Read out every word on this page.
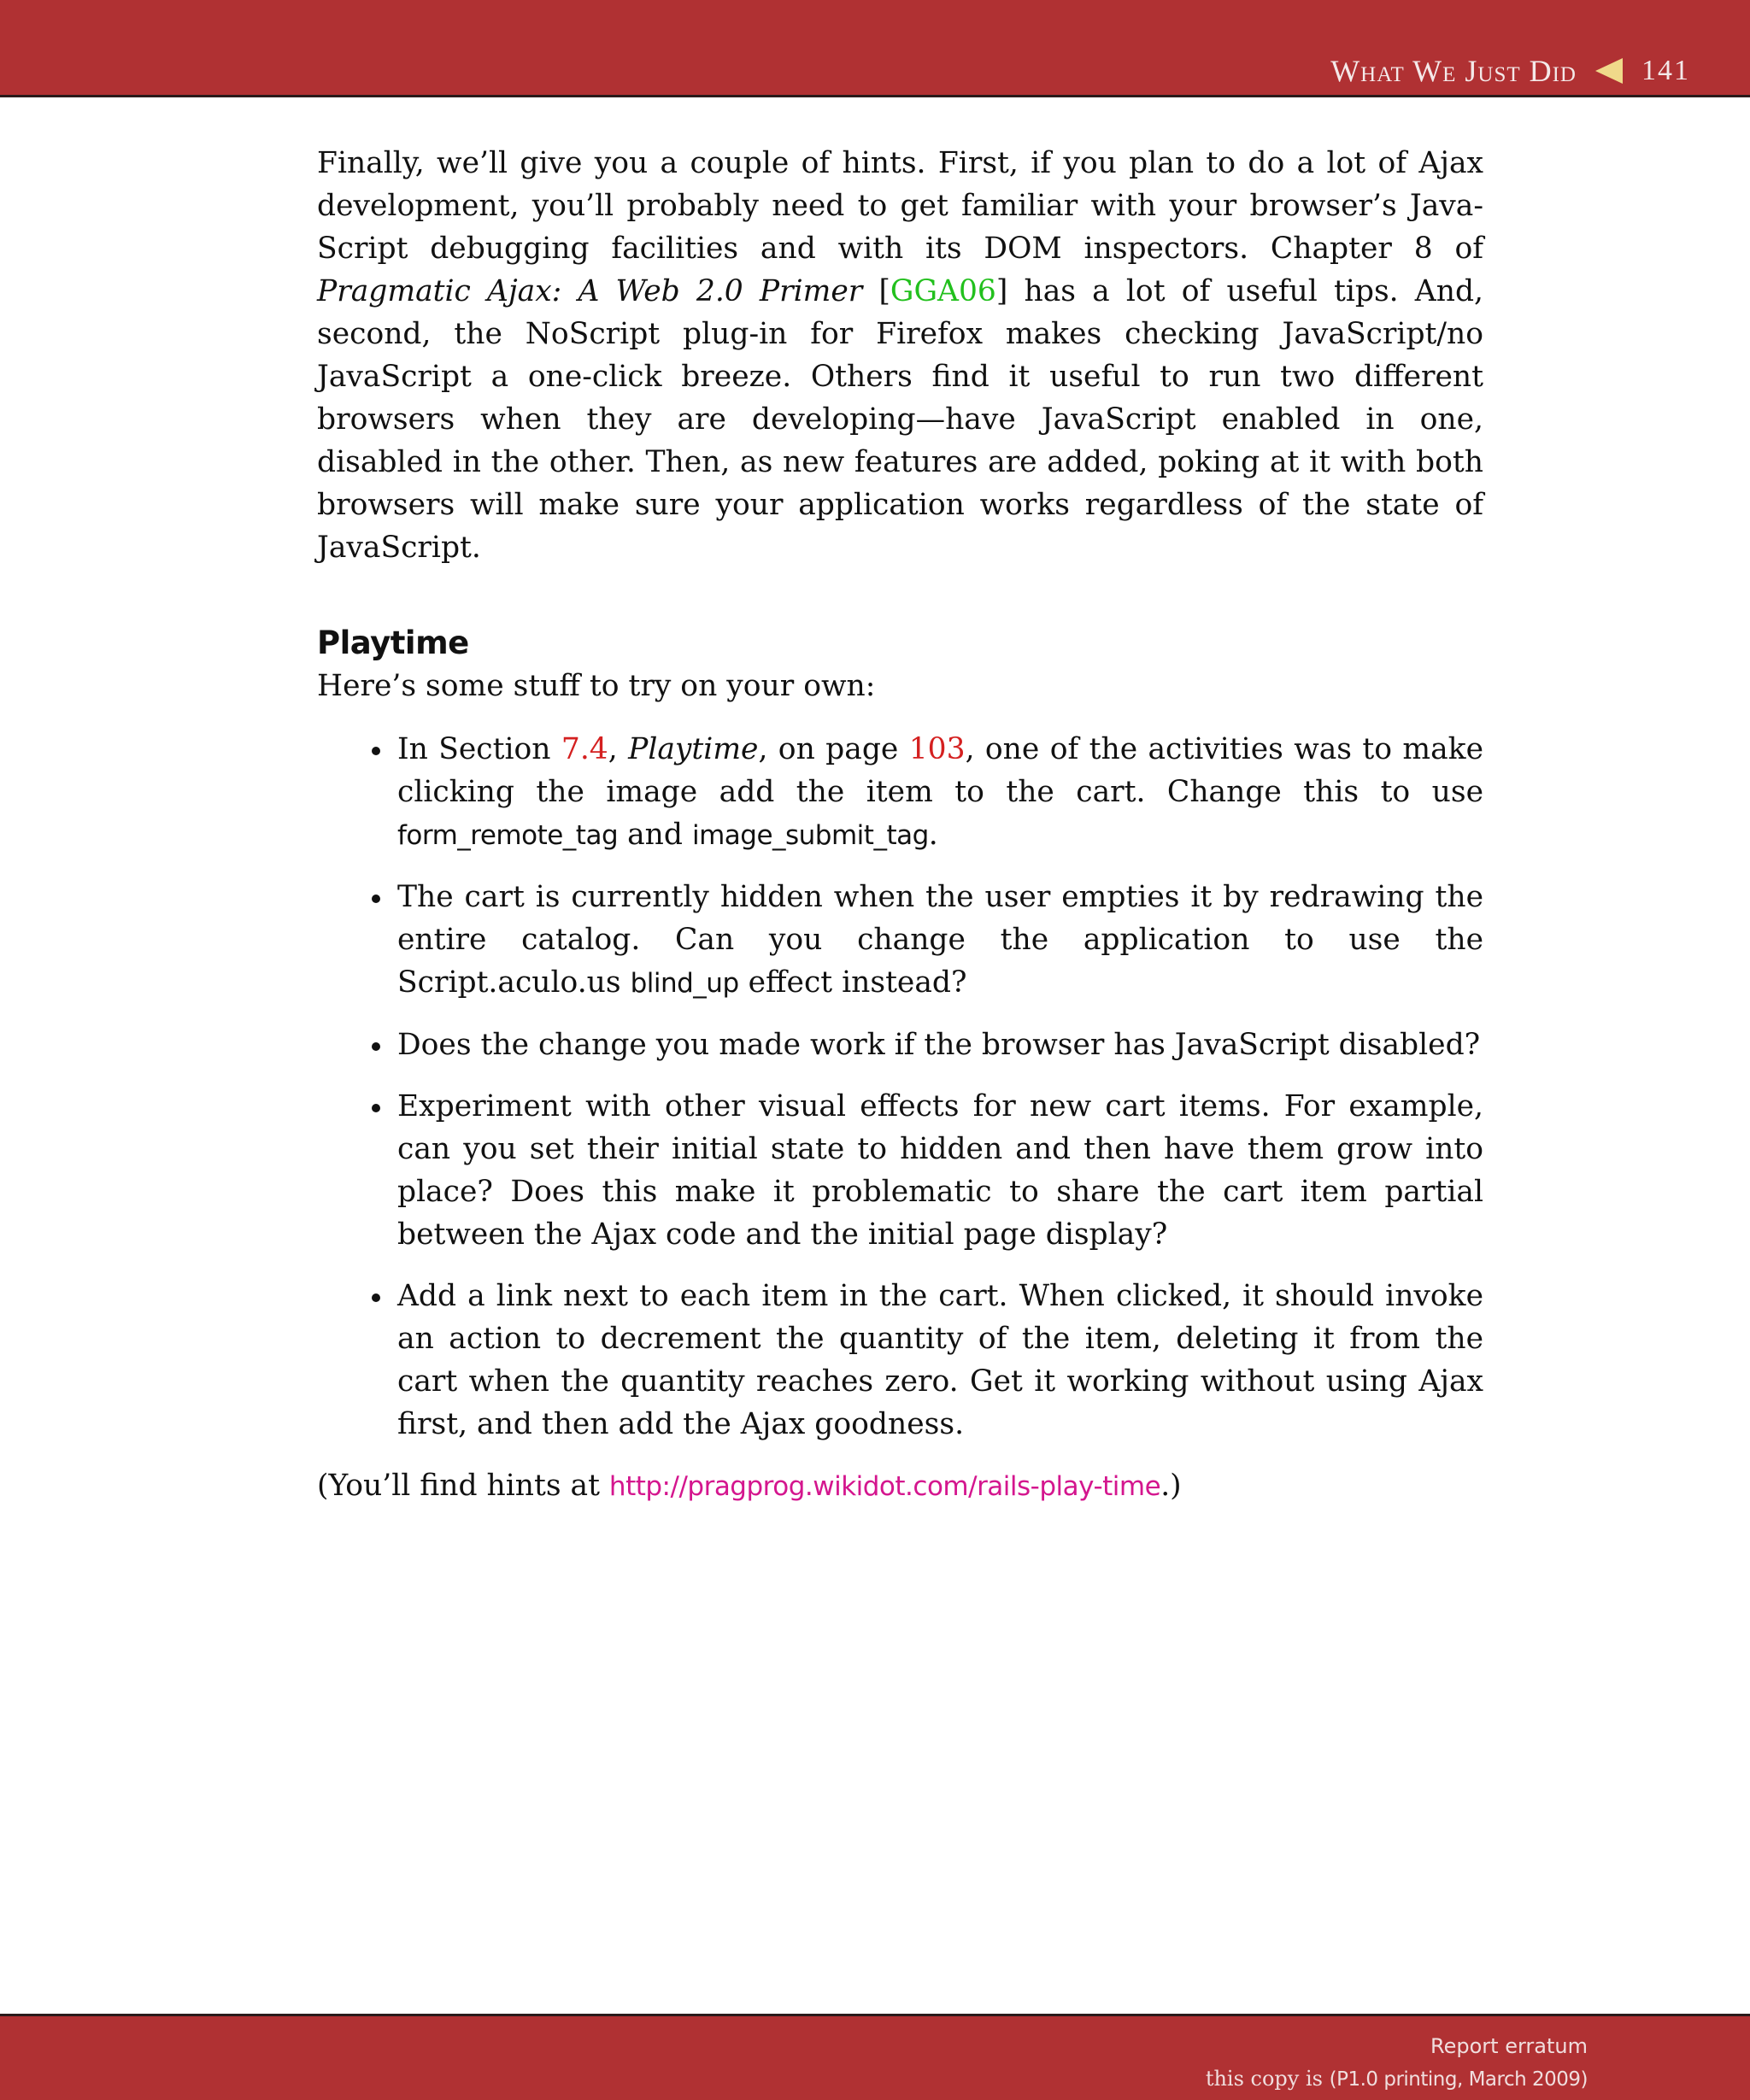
What We Just Did 141

Finally, we’ll give you a couple of hints. First, if you plan to do a lot of Ajax development, you’ll probably need to get familiar with your browser’s Java-Script debugging facilities and with its DOM inspectors. Chapter 8 of Pragmatic Ajax: A Web 2.0 Primer [GGA06] has a lot of useful tips. And, second, the NoScript plug-in for Firefox makes checking JavaScript/no JavaScript a one-click breeze. Others find it useful to run two different browsers when they are developing—have JavaScript enabled in one, disabled in the other. Then, as new features are added, poking at it with both browsers will make sure your application works regardless of the state of JavaScript.

Playtime

Here’s some stuff to try on your own:

In Section 7.4, Playtime, on page 103, one of the activities was to make clicking the image add the item to the cart. Change this to use form_remote_tag and image_submit_tag.
The cart is currently hidden when the user empties it by redrawing the entire catalog. Can you change the application to use the Script.aculo.us blind_up effect instead?
Does the change you made work if the browser has JavaScript disabled?
Experiment with other visual effects for new cart items. For example, can you set their initial state to hidden and then have them grow into place? Does this make it problematic to share the cart item partial between the Ajax code and the initial page display?
Add a link next to each item in the cart. When clicked, it should invoke an action to decrement the quantity of the item, deleting it from the cart when the quantity reaches zero. Get it working without using Ajax first, and then add the Ajax goodness.

(You’ll find hints at http://pragprog.wikidot.com/rails-play-time.)

Report erratum
this copy is (P1.0 printing, March 2009)
